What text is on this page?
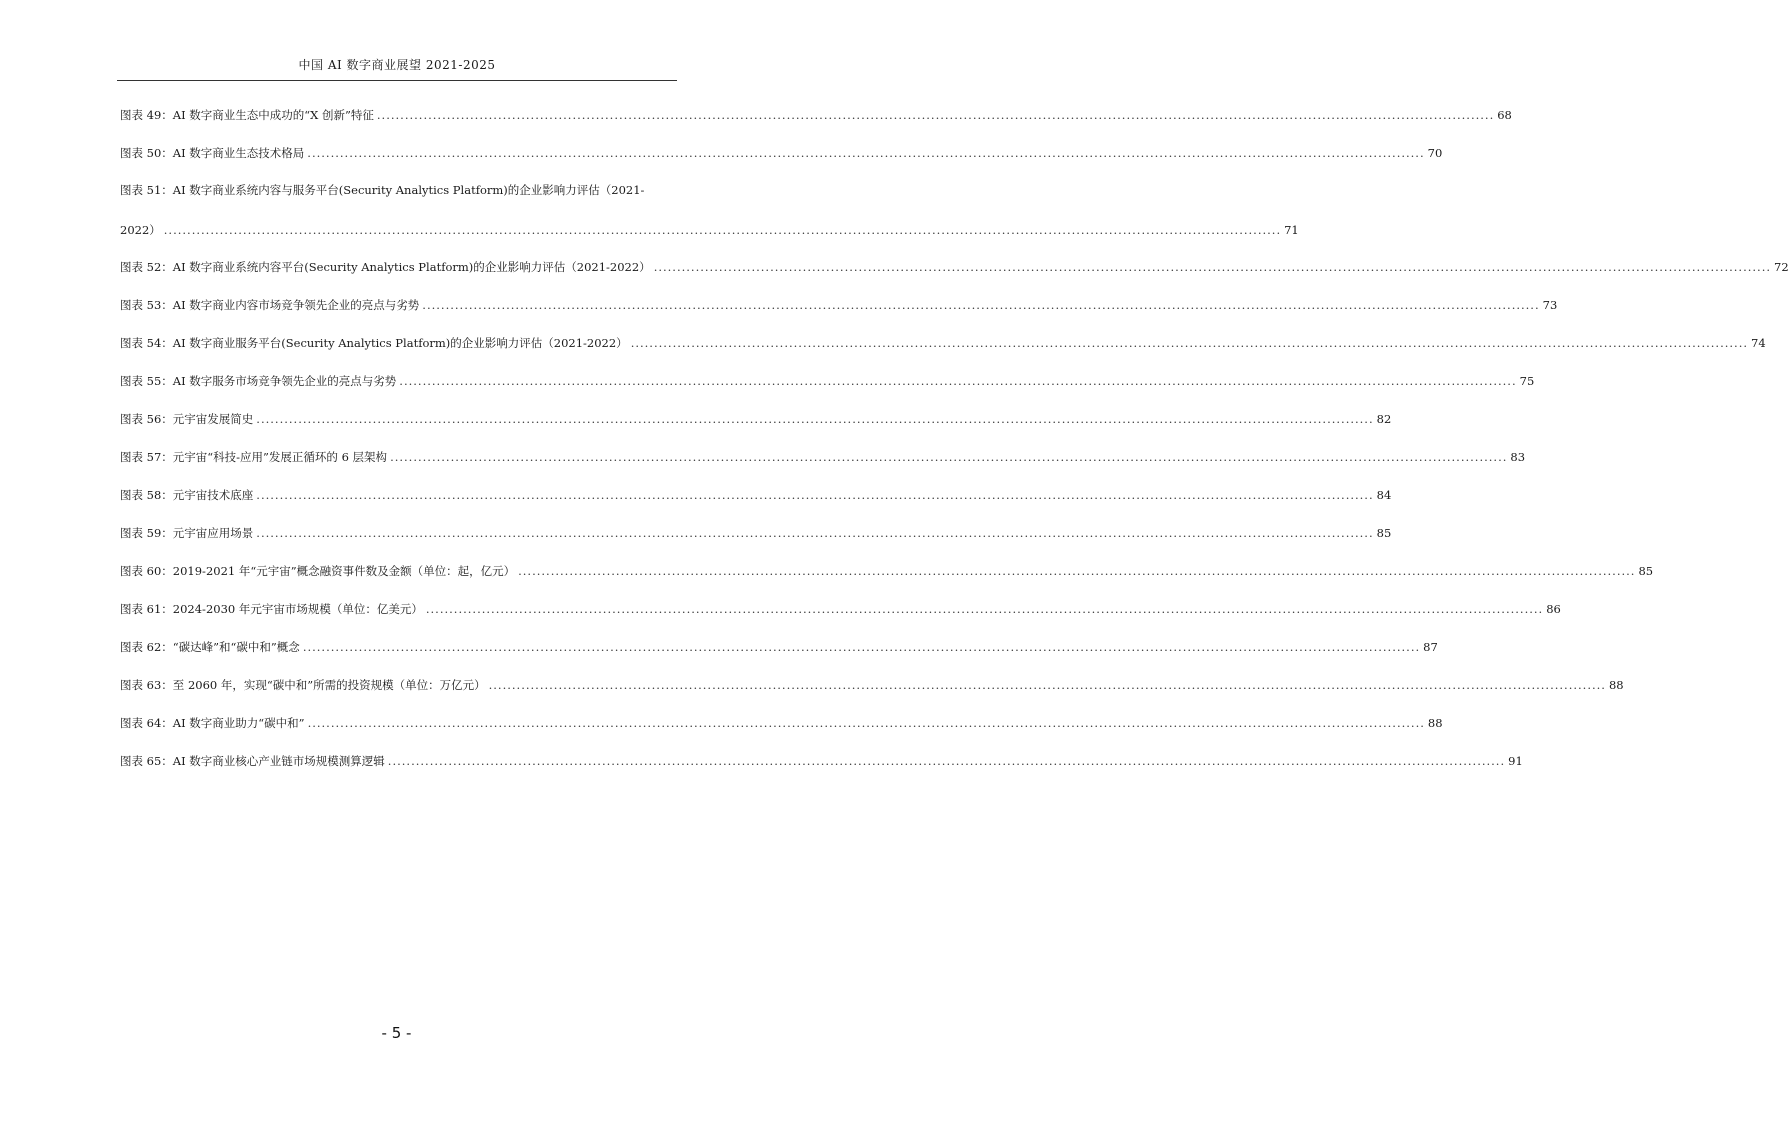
中国 AI 数字商业展望 2021-2025
图表 49：AI 数字商业生态中成功的“X 创新”特征 .....	68
图表 50：AI 数字商业生态技术格局 .....	70
图表 51：AI 数字商业系统内容与服务平台(Security Analytics Platform)的企业影响力评估（2021-
2022） .....	71
图表 52：AI 数字商业系统内容平台(Security Analytics Platform)的企业影响力评估（2021-2022） .....	72
图表 53：AI 数字商业内容市场竞争领先企业的亮点与劣势 .....	73
图表 54：AI 数字商业服务平台(Security Analytics Platform)的企业影响力评估（2021-2022） .....	74
图表 55：AI 数字服务市场竞争领先企业的亮点与劣势 .....	75
图表 56：元宇宙发展简史 .....	82
图表 57：元宇宙“科技-应用”发展正循环的 6 层架构 .....	83
图表 58：元宇宙技术底座 .....	84
图表 59：元宇宙应用场景 .....	85
图表 60：2019-2021 年“元宇宙”概念融资事件数及金额（单位：起，亿元） .....	85
图表 61：2024-2030 年元宇宙市场规模（单位：亿美元） .....	86
图表 62：“碳达峰”和“碳中和”概念 .....	87
图表 63：至 2060 年，实现“碳中和”所需的投资规模（单位：万亿元） .....	88
图表 64：AI 数字商业助力“碳中和” .....	88
图表 65：AI 数字商业核心产业链市场规模测算逻辑 .....	91
- 5 -
